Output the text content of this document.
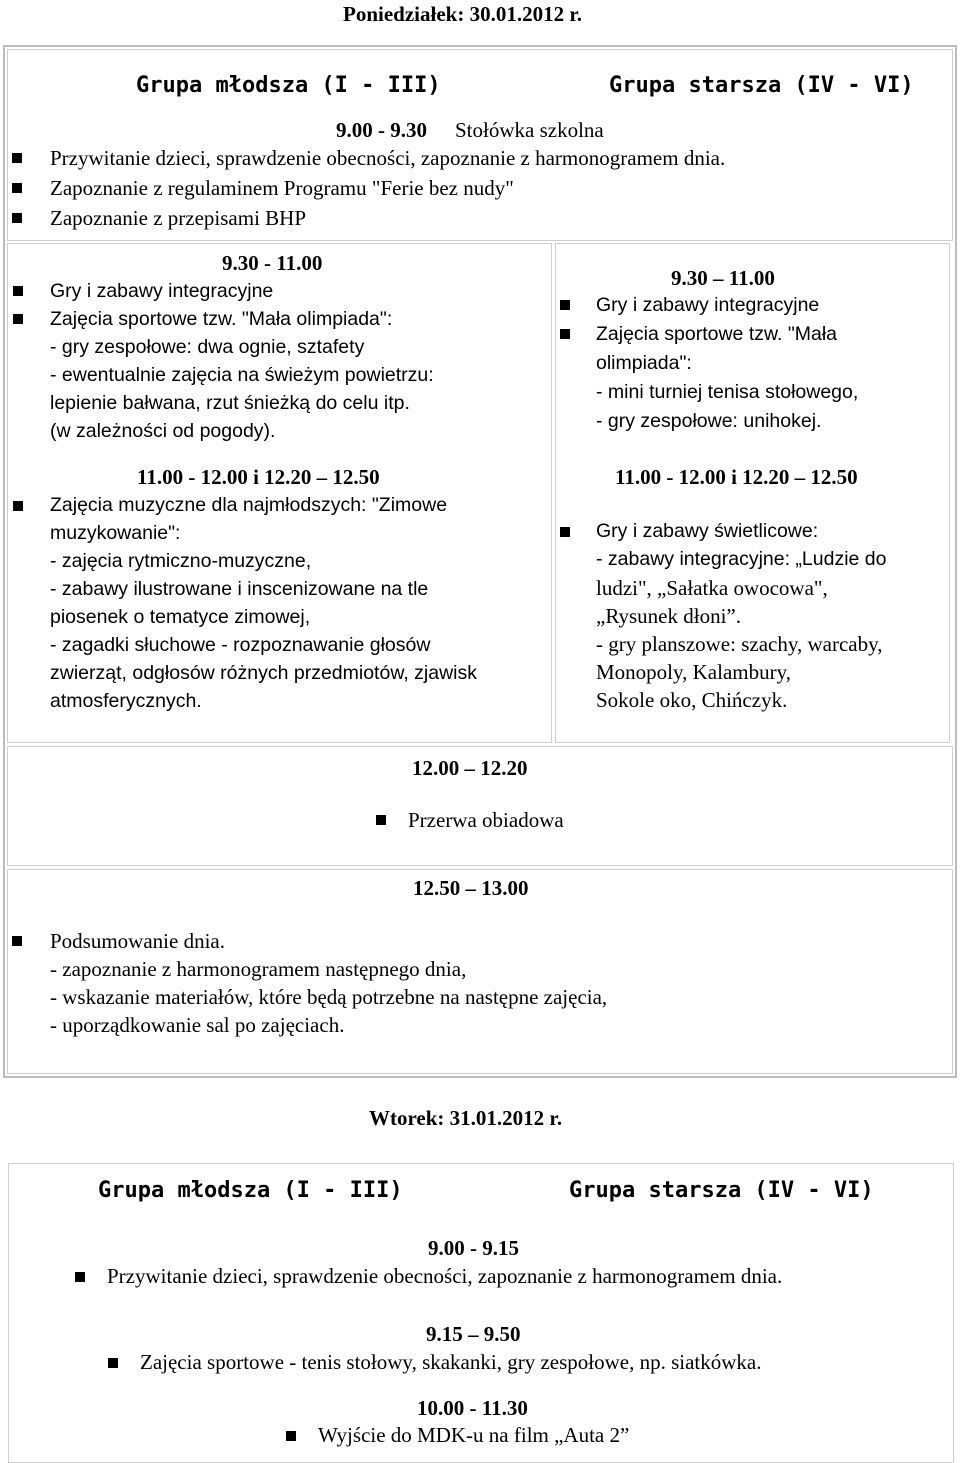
Poniedziałek: 30.01.2012 r.
Grupa młodsza (I - III)	Grupa starsza (IV - VI)
9.00 - 9.30 Stołówka szkolna
Przywitanie dzieci, sprawdzenie obecności, zapoznanie z harmonogramem dnia.
Zapoznanie z regulaminem Programu "Ferie bez nudy"
Zapoznanie z przepisami BHP
9.30 - 11.00
Gry i zabawy integracyjne
Zajęcia sportowe tzw. "Mała olimpiada":
- gry zespołowe: dwa ognie, sztafety
- ewentualnie zajęcia na świeżym powietrzu:
lepienie bałwana, rzut śnieżką do celu itp.
(w zależności od pogody).
11.00 - 12.00 i 12.20 – 12.50
Zajęcia muzyczne dla najmłodszych: "Zimowe
muzykowanie":
- zajęcia rytmiczno-muzyczne,
- zabawy ilustrowane i inscenizowane na tle
piosenek o tematyce zimowej,
- zagadki słuchowe - rozpoznawanie głosów
zwierząt, odgłosów różnych przedmiotów, zjawisk
atmosferycznych.
9.30 – 11.00
Gry i zabawy integracyjne
Zajęcia sportowe tzw. "Mała
olimpiada":
- mini turniej tenisa stołowego,
- gry zespołowe: unihokej.
11.00 - 12.00 i 12.20 – 12.50
Gry i zabawy świetlicowe:
- zabawy integracyjne: „Ludzie do
ludzi", „Sałatka owocowa",
„Rysunek dłoni”.
- gry planszowe: szachy, warcaby,
Monopoly, Kalambury,
Sokole oko, Chińczyk.
12.00 – 12.20
Przerwa obiadowa
12.50 – 13.00
Podsumowanie dnia.
- zapoznanie z harmonogramem następnego dnia,
- wskazanie materiałów, które będą potrzebne na następne zajęcia,
- uporządkowanie sal po zajęciach.
Wtorek: 31.01.2012 r.
Grupa młodsza (I - III)	Grupa starsza (IV - VI)
9.00 - 9.15
Przywitanie dzieci, sprawdzenie obecności, zapoznanie z harmonogramem dnia.
9.15 – 9.50
Zajęcia sportowe - tenis stołowy, skakanki, gry zespołowe, np. siatkówka.
10.00 - 11.30
Wyjście do MDK-u na film „Auta 2”
